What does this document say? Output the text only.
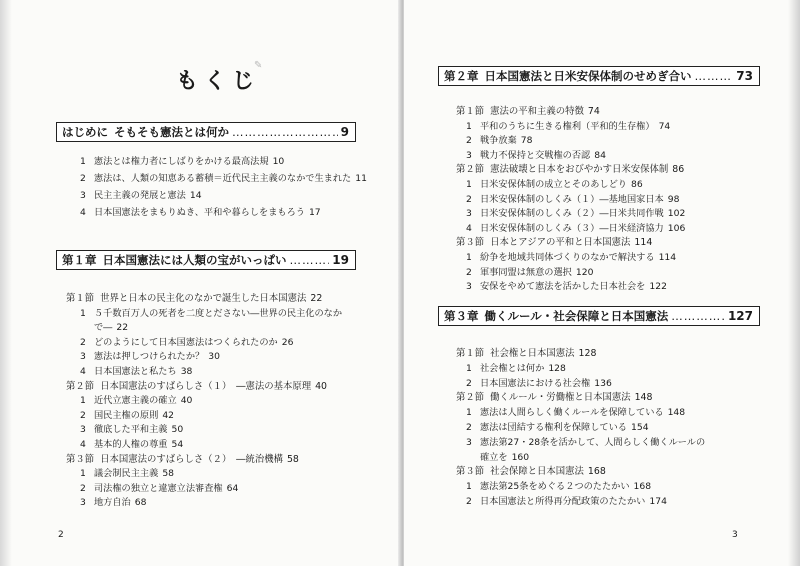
もくじ
✎
はじめに そもそも憲法とは何か …………………………………………………………………………	9
1 憲法とは権力者にしばりをかける最高法規 10
2 憲法は、人類の知恵ある蓄積＝近代民主主義のなかで生まれた 11
3 民主主義の発展と憲法 14
4 日本国憲法をまもりぬき、平和や暮らしをまもろう 17
第１章 日本国憲法には人類の宝がいっぱい …………………………………………………………………………	19
第１節 世界と日本の民主化のなかで誕生した日本国憲法 22
1 ５千数百万人の死者を二度とださない―世界の民主化のなか
で― 22
2 どのようにして日本国憲法はつくられたのか 26
3 憲法は押しつけられたか？ 30
4 日本国憲法と私たち 38
第２節 日本国憲法のすばらしさ（１）　―憲法の基本原理 40
1 近代立憲主義の確立 40
2 国民主権の原則 42
3 徹底した平和主義 50
4 基本的人権の尊重 54
第３節 日本国憲法のすばらしさ（２）　―統治機構 58
1 議会制民主主義 58
2 司法権の独立と違憲立法審査権 64
3 地方自治 68
2
第２章 日本国憲法と日米安保体制のせめぎ合い …………………………………………………………………………	73
第１節 憲法の平和主義の特徴 74
1 平和のうちに生きる権利（平和的生存権） 74
2 戦争放棄 78
3 戦力不保持と交戦権の否認 84
第２節 憲法破壊と日本をおびやかす日米安保体制 86
1 日米安保体制の成立とそのあしどり 86
2 日米安保体制のしくみ（１）―基地国家日本 98
3 日米安保体制のしくみ（２）―日米共同作戦 102
4 日米安保体制のしくみ（３）―日米経済協力 106
第３節 日本とアジアの平和と日本国憲法 114
1 紛争を地域共同体づくりのなかで解決する 114
2 軍事同盟は無意の選択 120
3 安保をやめて憲法を活かした日本社会を 122
第３章 働くルール・社会保障と日本国憲法 …………………………………………………………………………	127
第１節 社会権と日本国憲法 128
1 社会権とは何か 128
2 日本国憲法における社会権 136
第２節 働くルール・労働権と日本国憲法 148
1 憲法は人間らしく働くルールを保障している 148
2 憲法は団結する権利を保障している 154
3 憲法第27・28条を活かして、人間らしく働くルールの
確立を 160
第３節 社会保障と日本国憲法 168
1 憲法第25条をめぐる２つのたたかい 168
2 日本国憲法と所得再分配政策のたたかい 174
3
